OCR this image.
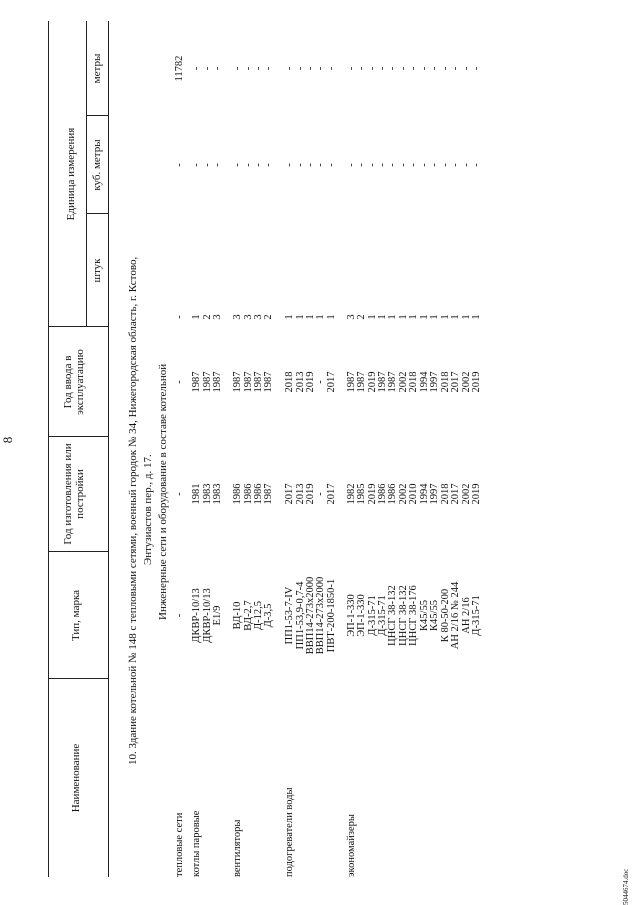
8
Наименование
Тип, марка
Год изготовления или постройки
Год ввода в эксплуатацию
Единица измерения
штук
куб. метры
метры
10. Здание котельной № 148 с тепловыми сетями, военный городок № 34, Нижегородская область, г. Кстово, Энтузиастов пер., д. 17. Инженерные сети и оборудование в составе котельной
тепловые сети
-
-
-
-
-
11782
котлы паровые
ДКВР-10/13
1981
1987
1
-
-
ДКВР-10/13
1983
1987
2
-
-
Е1/9
1983
1987
3
-
-
вентиляторы
ВД-10
1986
1987
3
-
-
ВД-2,7
1986
1987
3
-
-
Д-12,5
1986
1987
3
-
-
Д-3,5
1987
1987
2
-
-
подогреватели воды
ПП1-53-7-IV
2017
2018
1
-
-
ПП1-53,9-0,7-4
2013
2013
1
-
-
ВВП14-273х2000
2019
2019
1
-
-
ВВП14-273х2000
-
-
1
-
-
ПВТ-200-1850-1
2017
2017
1
-
-
экономайзеры
ЭП-1-330
1982
1987
3
-
-
ЭП-1-330
1985
1987
2
-
-
Д-315-71
2019
2019
1
-
-
Д-315-71
1986
1987
1
-
-
ЦНСГ 38-132
1986
1987
1
-
-
ЦНСГ 38-132
2002
2002
1
-
-
ЦНСГ 38-176
2010
2018
1
-
-
К45/55
1994
1994
1
-
-
К45/55
1997
1997
1
-
-
К 80-50-200
2018
2018
1
-
-
АН 2/16 № 244
2017
2017
1
-
-
АН 2/16
2002
2002
1
-
-
Д-315-71
2019
2019
1
-
-
5044674.doc
